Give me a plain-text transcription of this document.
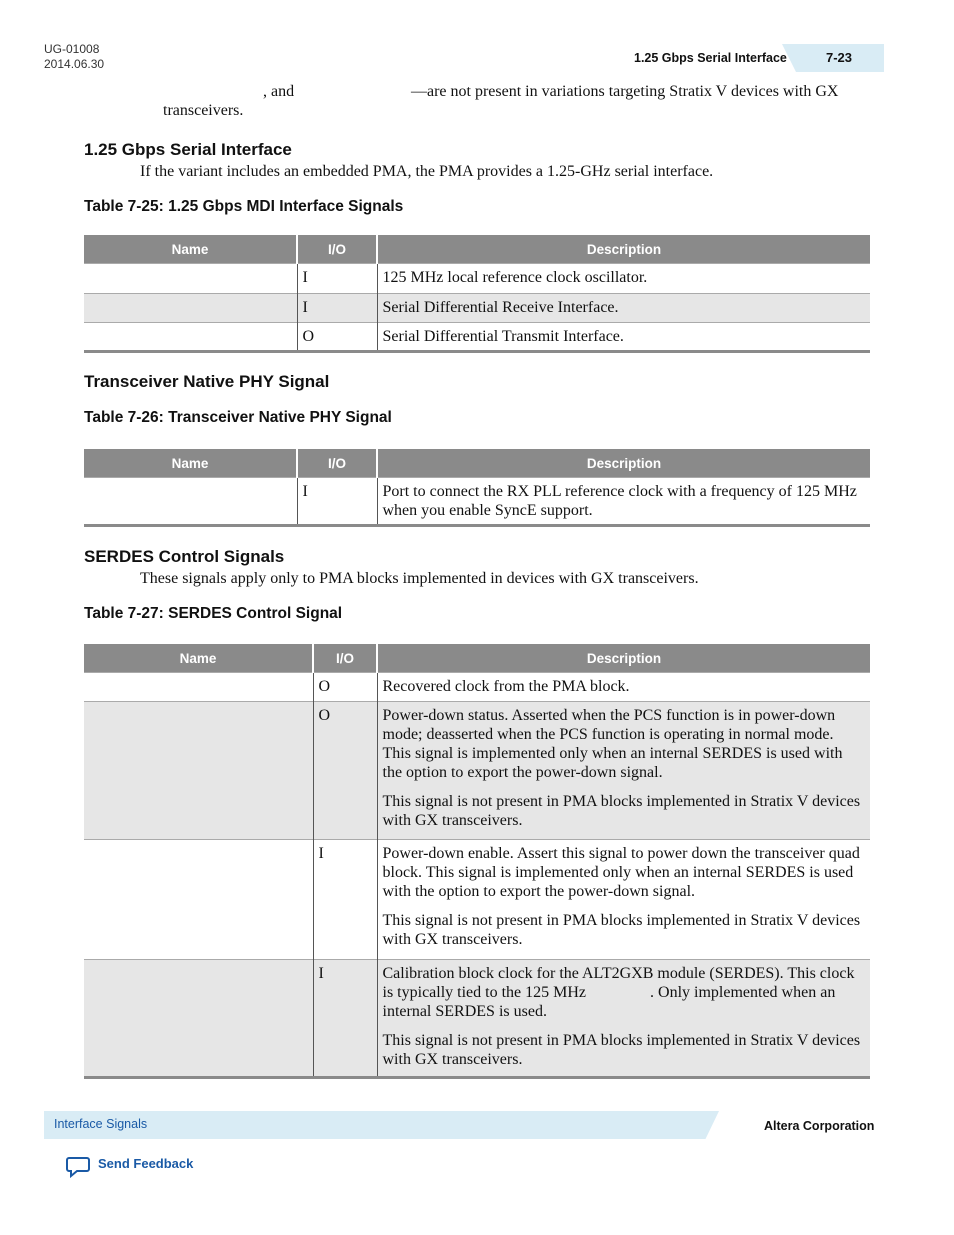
UG-01008
2014.06.30	1.25 Gbps Serial Interface	7-23
, and	—are not present in variations targeting Stratix V devices with GX
transceivers.
1.25 Gbps Serial Interface
If the variant includes an embedded PMA, the PMA provides a 1.25-GHz serial interface.
Table 7-25: 1.25 Gbps MDI Interface Signals
Name	I/O	Description
	I	125 MHz local reference clock oscillator.
	I	Serial Differential Receive Interface.
	O	Serial Differential Transmit Interface.
Transceiver Native PHY Signal
Table 7-26: Transceiver Native PHY Signal
Name	I/O	Description
	I	Port to connect the RX PLL reference clock with a frequency of 125 MHz when you enable SyncE support.
SERDES Control Signals
These signals apply only to PMA blocks implemented in devices with GX transceivers.
Table 7-27: SERDES Control Signal
Name	I/O	Description
	O	Recovered clock from the PMA block.

	O	Power-down status. Asserted when the PCS function is in power-down mode; deasserted when the PCS function is operating in normal mode. This signal is implemented only when an internal SERDES is used with the option to export the power-down signal.

This signal is not present in PMA blocks implemented in Stratix V devices with GX transceivers.

	I	Power-down enable. Assert this signal to power down the transceiver quad block. This signal is implemented only when an internal SERDES is used with the option to export the power-down signal.

This signal is not present in PMA blocks implemented in Stratix V devices with GX transceivers.

	I	Calibration block clock for the ALT2GXB module (SERDES). This clock is typically tied to the 125 MHz                . Only implemented when an internal SERDES is used.

This signal is not present in PMA blocks implemented in Stratix V devices with GX transceivers.

Interface Signals	Altera Corporation
Send Feedback
